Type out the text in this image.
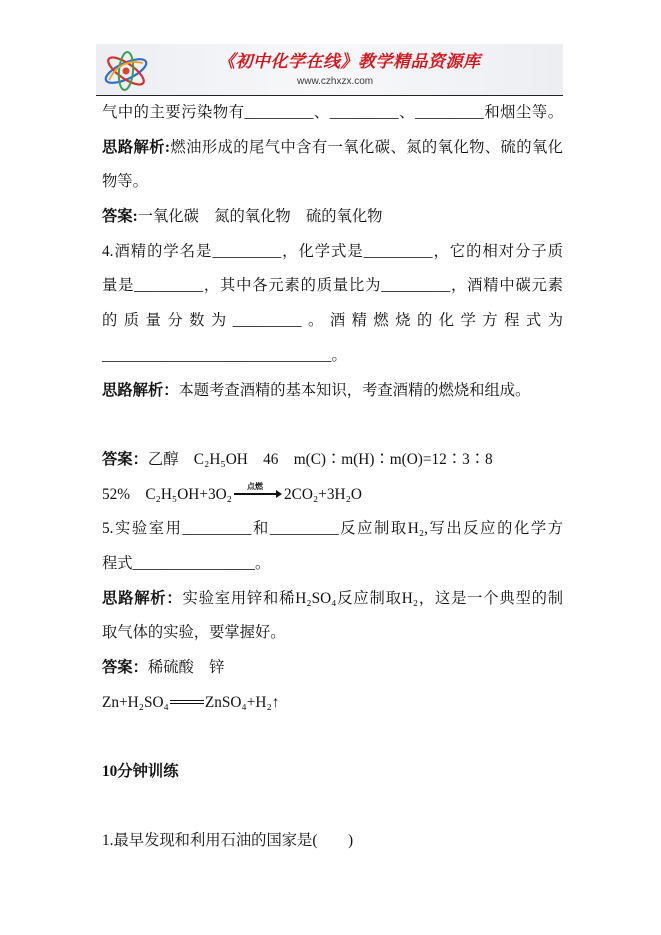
《初中化学在线》教学精品资源库
www.czhxzx.com
气中的主要污染物有_________、_________、_________和烟尘等。
思路解析:燃油形成的尾气中含有一氧化碳、氮的氧化物、硫的氧化
物等。
答案:一氧化碳　氮的氧化物　硫的氧化物
4.酒精的学名是_________，化学式是_________，它的相对分子质
量是_________，其中各元素的质量比为_________，酒精中碳元素
的质量分数为_________。酒精燃烧的化学方程式为
______________________________。
思路解析：本题考查酒精的基本知识，考查酒精的燃烧和组成。
答案：乙醇　C₂H₅OH　46　m(C)∶m(H)∶m(O)=12∶3∶8
52%　C₂H₅OH+3O₂	点燃	2CO₂+3H₂O
5.实验室用_________和_________反应制取H₂,写出反应的化学方
程式________________。
思路解析：实验室用锌和稀H₂SO₄反应制取H₂，这是一个典型的制
取气体的实验，要掌握好。
答案：稀硫酸　锌
Zn+H₂SO₄ ZnSO₄+H₂↑
10分钟训练
1.最早发现和利用石油的国家是(　　)
